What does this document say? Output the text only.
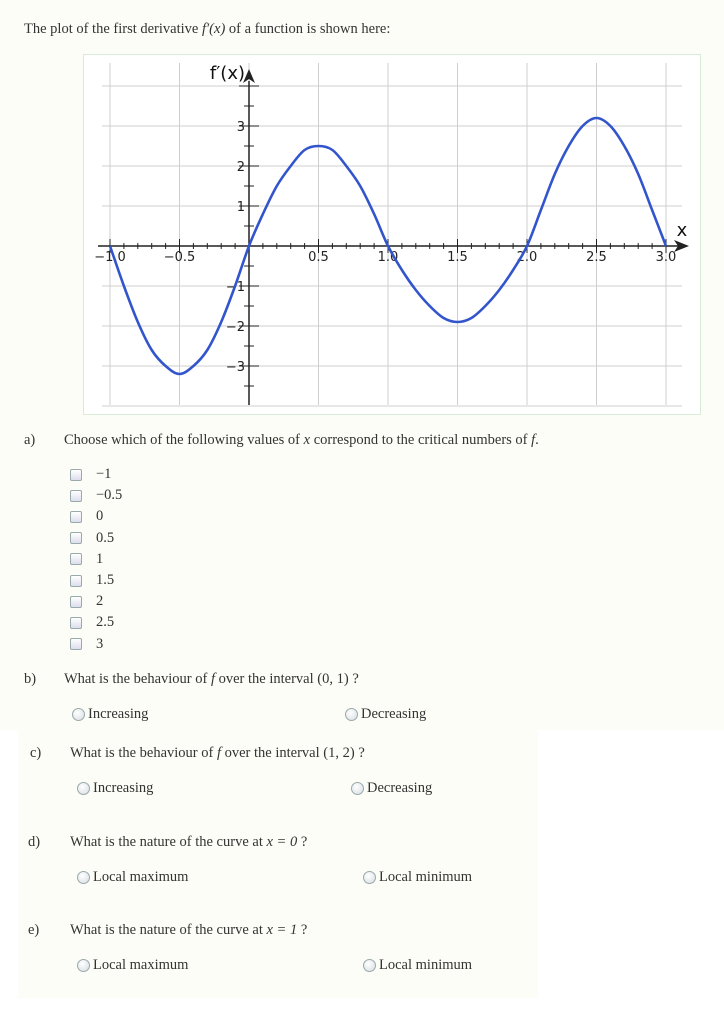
The plot of the first derivative f′(x) of a function is shown here:
−1.0	−0.5	0.5	1.0	1.5	2.0	2.5	3.0
3
2
1
−1
−2
−3
f′(x)
x
a) Choose which of the following values of x correspond to the critical numbers of f.
−1
−0.5
0
0.5
1
1.5
2
2.5
3
b) What is the behaviour of f over the interval (0, 1) ?
Increasing	Decreasing
c) What is the behaviour of f over the interval (1, 2) ?
Increasing	Decreasing
d) What is the nature of the curve at x = 0 ?
Local maximum	Local minimum
e) What is the nature of the curve at x = 1 ?
Local maximum	Local minimum
